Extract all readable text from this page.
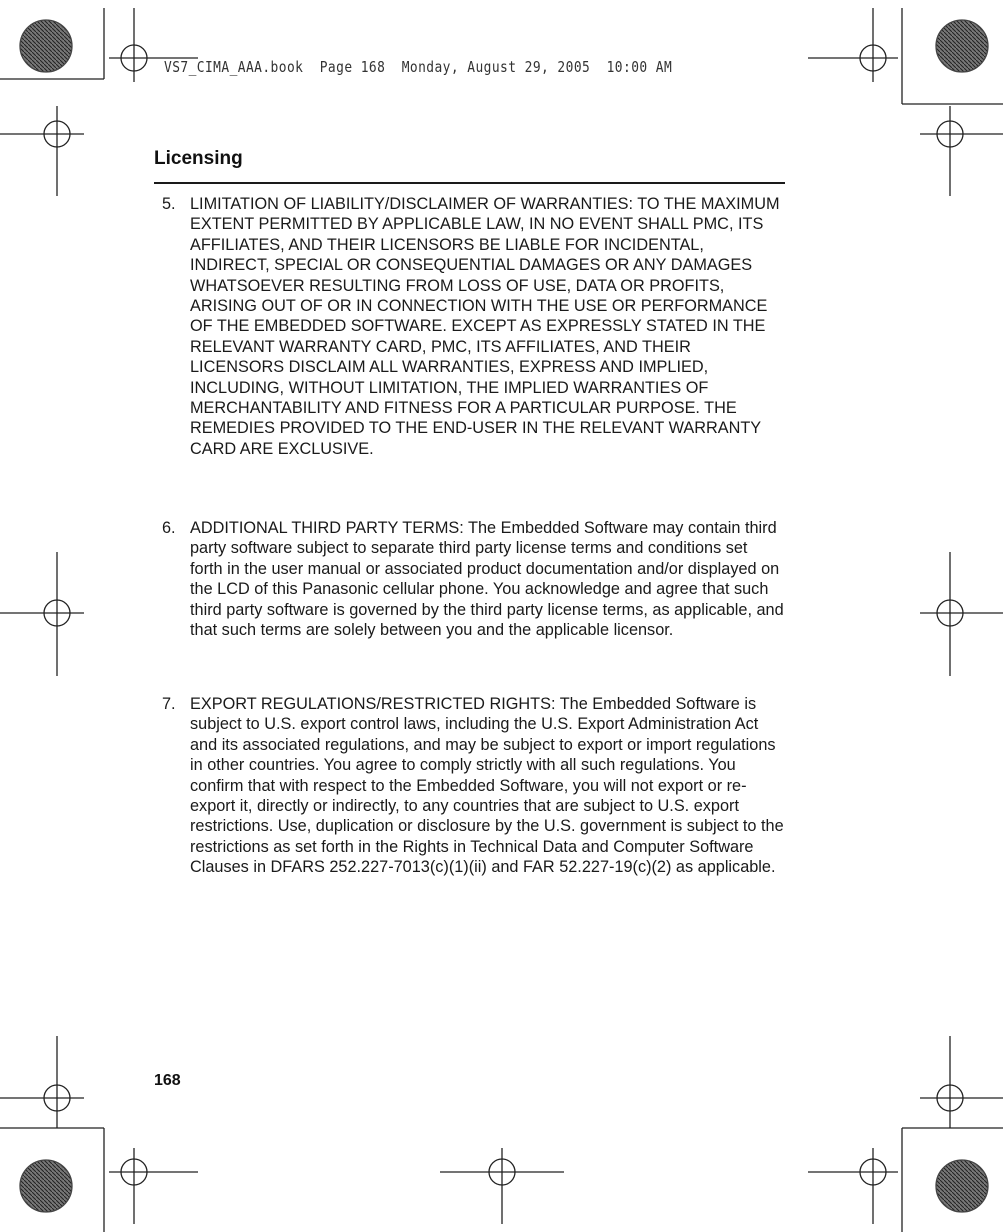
VS7_CIMA_AAA.book  Page 168  Monday, August 29, 2005  10:00 AM
Licensing
5. LIMITATION OF LIABILITY/DISCLAIMER OF WARRANTIES: TO THE MAXIMUM EXTENT PERMITTED BY APPLICABLE LAW, IN NO EVENT SHALL PMC, ITS AFFILIATES, AND THEIR LICENSORS BE LIABLE FOR INCIDENTAL, INDIRECT, SPECIAL OR CONSEQUENTIAL DAMAGES OR ANY DAMAGES WHATSOEVER RESULTING FROM LOSS OF USE, DATA OR PROFITS, ARISING OUT OF OR IN CONNECTION WITH THE USE OR PERFORMANCE OF THE EMBEDDED SOFTWARE. EXCEPT AS EXPRESSLY STATED IN THE RELEVANT WARRANTY CARD, PMC, ITS AFFILIATES, AND THEIR LICENSORS DISCLAIM ALL WARRANTIES, EXPRESS AND IMPLIED, INCLUDING, WITHOUT LIMITATION, THE IMPLIED WARRANTIES OF MERCHANTABILITY AND FITNESS FOR A PARTICULAR PURPOSE. THE REMEDIES PROVIDED TO THE END-USER IN THE RELEVANT WARRANTY CARD ARE EXCLUSIVE.
6. ADDITIONAL THIRD PARTY TERMS: The Embedded Software may contain third party software subject to separate third party license terms and conditions set forth in the user manual or associated product documentation and/or displayed on the LCD of this Panasonic cellular phone. You acknowledge and agree that such third party software is governed by the third party license terms, as applicable, and that such terms are solely between you and the applicable licensor.
7. EXPORT REGULATIONS/RESTRICTED RIGHTS: The Embedded Software is subject to U.S. export control laws, including the U.S. Export Administration Act and its associated regulations, and may be subject to export or import regulations in other countries. You agree to comply strictly with all such regulations. You confirm that with respect to the Embedded Software, you will not export or re-export it, directly or indirectly, to any countries that are subject to U.S. export restrictions. Use, duplication or disclosure by the U.S. government is subject to the restrictions as set forth in the Rights in Technical Data and Computer Software Clauses in DFARS 252.227-7013(c)(1)(ii) and FAR 52.227-19(c)(2) as applicable.
168
